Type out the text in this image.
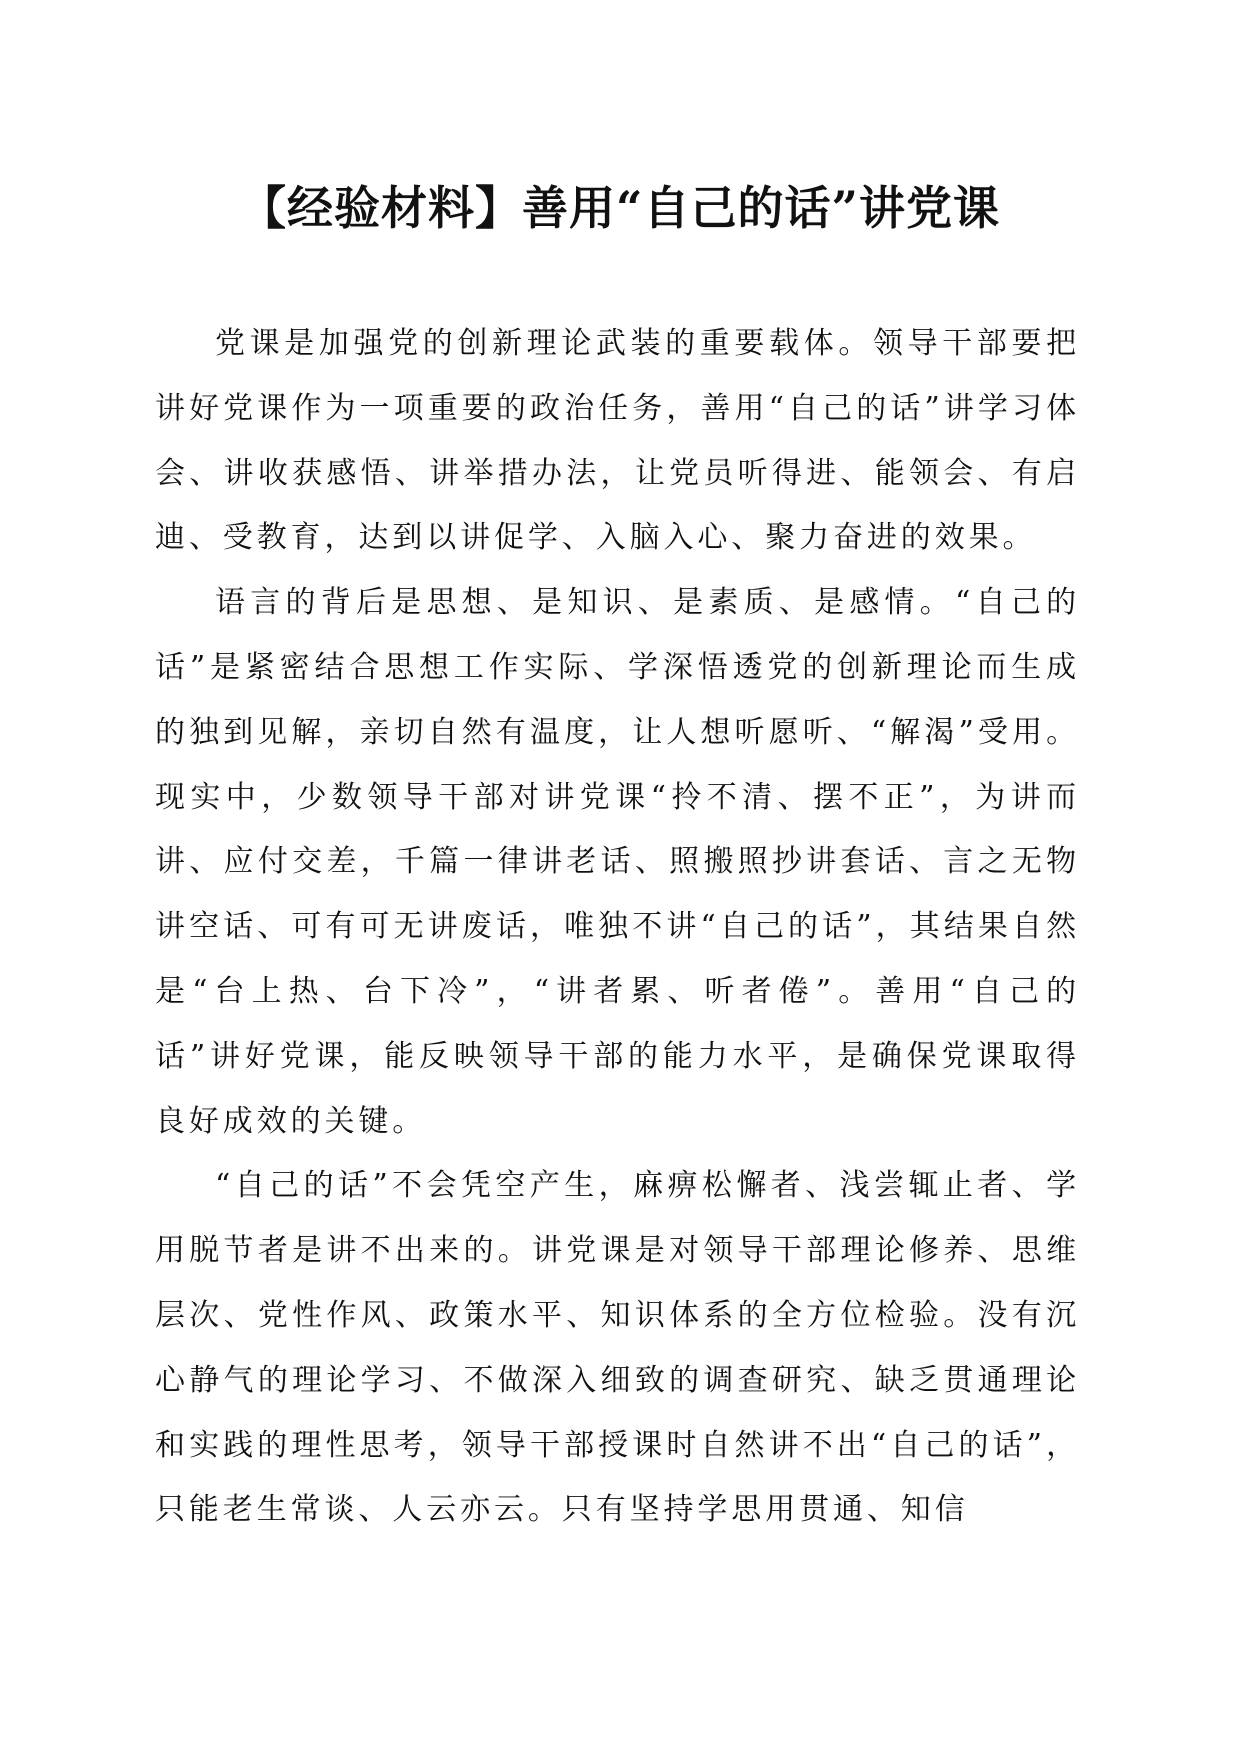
【经验材料】善用“自己的话”讲党课

党课是加强党的创新理论武装的重要载体。领导干部要把讲好党课作为一项重要的政治任务，善用“自己的话”讲学习体会、讲收获感悟、讲举措办法，让党员听得进、能领会、有启迪、受教育，达到以讲促学、入脑入心、聚力奋进的效果。

语言的背后是思想、是知识、是素质、是感情。“自己的话”是紧密结合思想工作实际、学深悟透党的创新理论而生成的独到见解，亲切自然有温度，让人想听愿听、“解渴”受用。现实中，少数领导干部对讲党课“拎不清、摆不正”，为讲而讲、应付交差，千篇一律讲老话、照搬照抄讲套话、言之无物讲空话、可有可无讲废话，唯独不讲“自己的话”，其结果自然是“台上热、台下冷”，“讲者累、听者倦”。善用“自己的话”讲好党课，能反映领导干部的能力水平，是确保党课取得良好成效的关键。

“自己的话”不会凭空产生，麻痹松懈者、浅尝辄止者、学用脱节者是讲不出来的。讲党课是对领导干部理论修养、思维层次、党性作风、政策水平、知识体系的全方位检验。没有沉心静气的理论学习、不做深入细致的调查研究、缺乏贯通理论和实践的理性思考，领导干部授课时自然讲不出“自己的话”，只能老生常谈、人云亦云。只有坚持学思用贯通、知信
